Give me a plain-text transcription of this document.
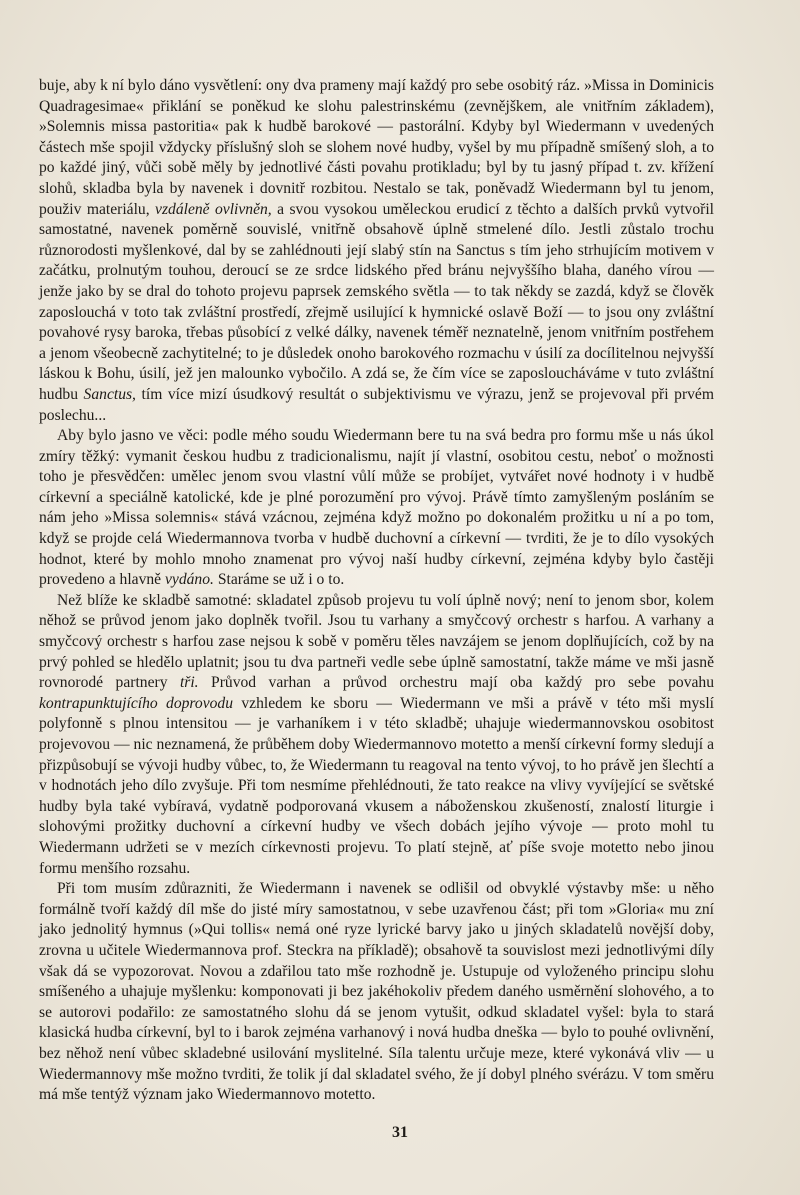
buje, aby k ní bylo dáno vysvětlení: ony dva prameny mají každý pro sebe osobitý ráz. »Missa in Dominicis Quadragesimae« přiklání se poněkud ke slohu palestrinskému (zevnějškem, ale vnitřním základem), »Solemnis missa pastoritia« pak k hudbě barokové — pastorální. Kdyby byl Wiedermann v uvedených částech mše spojil vždycky příslušný sloh se slohem nové hudby, vyšel by mu případně smíšený sloh, a to po každé jiný, vůči sobě měly by jednotlivé části povahu protikladu; byl by tu jasný případ t. zv. křížení slohů, skladba byla by navenek i dovnitř rozbitou. Nestalo se tak, poněvadž Wiedermann byl tu jenom, použiv materiálu, vzdáleně ovlivněn, a svou vysokou uměleckou erudicí z těchto a dalších prvků vytvořil samostatné, navenek poměrně souvislé, vnitřně obsahově úplně stmelené dílo. Jestli zůstalo trochu různorodosti myšlenkové, dal by se zahlédnouti její slabý stín na Sanctus s tím jeho strhujícím motivem v začátku, prolnutým touhou, deroucí se ze srdce lidského před bránu nejvyššího blaha, daného vírou — jenže jako by se dral do tohoto projevu paprsek zemského světla — to tak někdy se zazdá, když se člověk zaposlouchá v toto tak zvláštní prostředí, zřejmě usilující k hymnické oslavě Boží — to jsou ony zvláštní povahové rysy baroka, třebas působící z velké dálky, navenek téměř neznatelně, jenom vnitřním postřehem a jenom všeobecně zachytitelné; to je důsledek onoho barokového rozmachu v úsilí za docílitelnou nejvyšší láskou k Bohu, úsilí, jež jen malounko vybočilo. A zdá se, že čím více se zaposloucháváme v tuto zvláštní hudbu Sanctus, tím více mizí úsudkový resultát o subjektivismu ve výrazu, jenž se projevoval při prvém poslechu...

Aby bylo jasno ve věci: podle mého soudu Wiedermann bere tu na svá bedra pro formu mše u nás úkol zmíry těžký: vymanit českou hudbu z tradicionalismu, najít jí vlastní, osobitou cestu, neboť o možnosti toho je přesvědčen: umělec jenom svou vlastní vůlí může se probíjet, vytvářet nové hodnoty i v hudbě církevní a speciálně katolické, kde je plné porozumění pro vývoj. Právě tímto zamyšleným posláním se nám jeho »Missa solemnis« stává vzácnou, zejména když možno po dokonalém prožitku u ní a po tom, když se projde celá Wiedermannova tvorba v hudbě duchovní a církevní — tvrditi, že je to dílo vysokých hodnot, které by mohlo mnoho znamenat pro vývoj naší hudby církevní, zejména kdyby bylo častěji provedeno a hlavně vydáno. Staráme se už i o to.

Než blíže ke skladbě samotné: skladatel způsob projevu tu volí úplně nový; není to jenom sbor, kolem něhož se průvod jenom jako doplněk tvořil. Jsou tu varhany a smyčcový orchestr s harfou. A varhany a smyčcový orchestr s harfou zase nejsou k sobě v poměru těles navzájem se jenom doplňujících, což by na prvý pohled se hledělo uplatnit; jsou tu dva partneři vedle sebe úplně samostatní, takže máme ve mši jasně rovnorodé partnery tři. Průvod varhan a průvod orchestru mají oba každý pro sebe povahu kontrapunktujícího doprovodu vzhledem ke sboru — Wiedermann ve mši a právě v této mši myslí polyfonně s plnou intensitou — je varhaníkem i v této skladbě; uhajuje wiedermannovskou osobitost projevovou — nic neznamená, že průběhem doby Wiedermannovo motetto a menší církevní formy sledují a přizpůsobují se vývoji hudby vůbec, to, že Wiedermann tu reagoval na tento vývoj, to ho právě jen šlechtí a v hodnotách jeho dílo zvyšuje. Při tom nesmíme přehlédnouti, že tato reakce na vlivy vyvíjející se světské hudby byla také vybíravá, vydatně podporovaná vkusem a náboženskou zkušeností, znalostí liturgie i slohovými prožitky duchovní a církevní hudby ve všech dobách jejího vývoje — proto mohl tu Wiedermann udržeti se v mezích církevnosti projevu. To platí stejně, ať píše svoje motetto nebo jinou formu menšího rozsahu.

Při tom musím zdůrazniti, že Wiedermann i navenek se odlišil od obvyklé výstavby mše: u něho formálně tvoří každý díl mše do jisté míry samostatnou, v sebe uzavřenou část; při tom »Gloria« mu zní jako jednolitý hymnus (»Qui tollis« nemá oné ryze lyrické barvy jako u jiných skladatelů novější doby, zrovna u učitele Wiedermannova prof. Steckra na příkladě); obsahově ta souvislost mezi jednotlivými díly však dá se vypozorovat. Novou a zdařilou tato mše rozhodně je. Ustupuje od vyloženého principu slohu smíšeného a uhajuje myšlenku: komponovati ji bez jakéhokoliv předem daného usměrnění slohového, a to se autorovi podařilo: ze samostatného slohu dá se jenom vytušit, odkud skladatel vyšel: byla to stará klasická hudba církevní, byl to i barok zejména varhanový i nová hudba dneška — bylo to pouhé ovlivnění, bez něhož není vůbec skladebné usilování myslitelné. Síla talentu určuje meze, které vykonává vliv — u Wiedermannovy mše možno tvrditi, že tolik jí dal skladatel svého, že jí dobyl plného svérázu. V tom směru má mše tentýž význam jako Wiedermannovo motetto.

31
